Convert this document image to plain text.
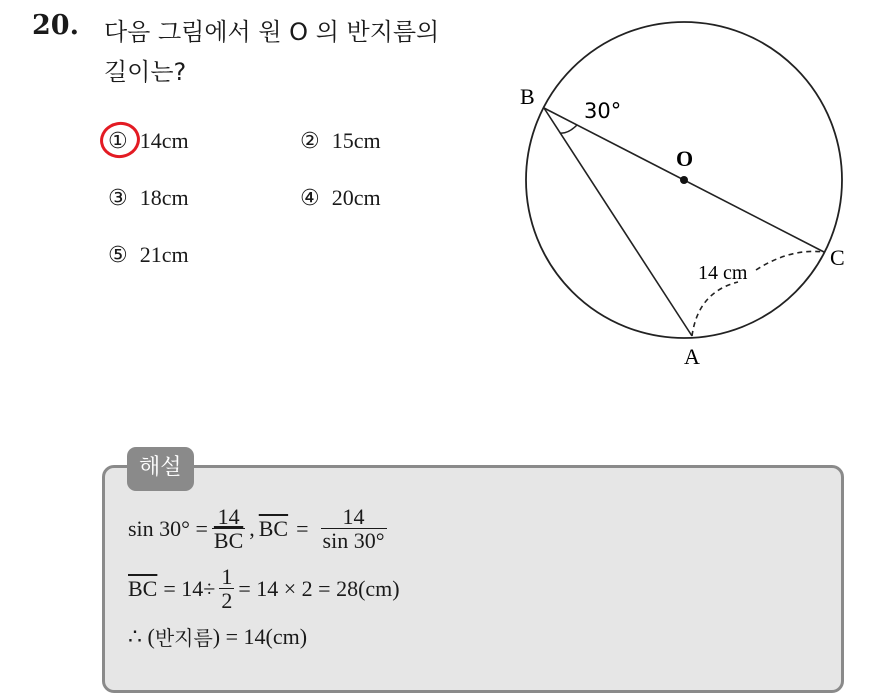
20. 다음 그림에서 원 O 의 반지름의
길이는?
① 14cm	② 15cm
③ 18cm	④ 20cm
⑤ 21cm
B
30°
O
C
14 cm
A
해설
$\sin 30^\circ = \frac{14}{BC}$ , $\overline{BC} = \frac{14}{\sin 30^\circ}$
$\overline{BC} = 14\div \frac{1}{2} = 14 \times 2 = 28(cm)$
∴ ( 반지름 ) = 14(cm)
